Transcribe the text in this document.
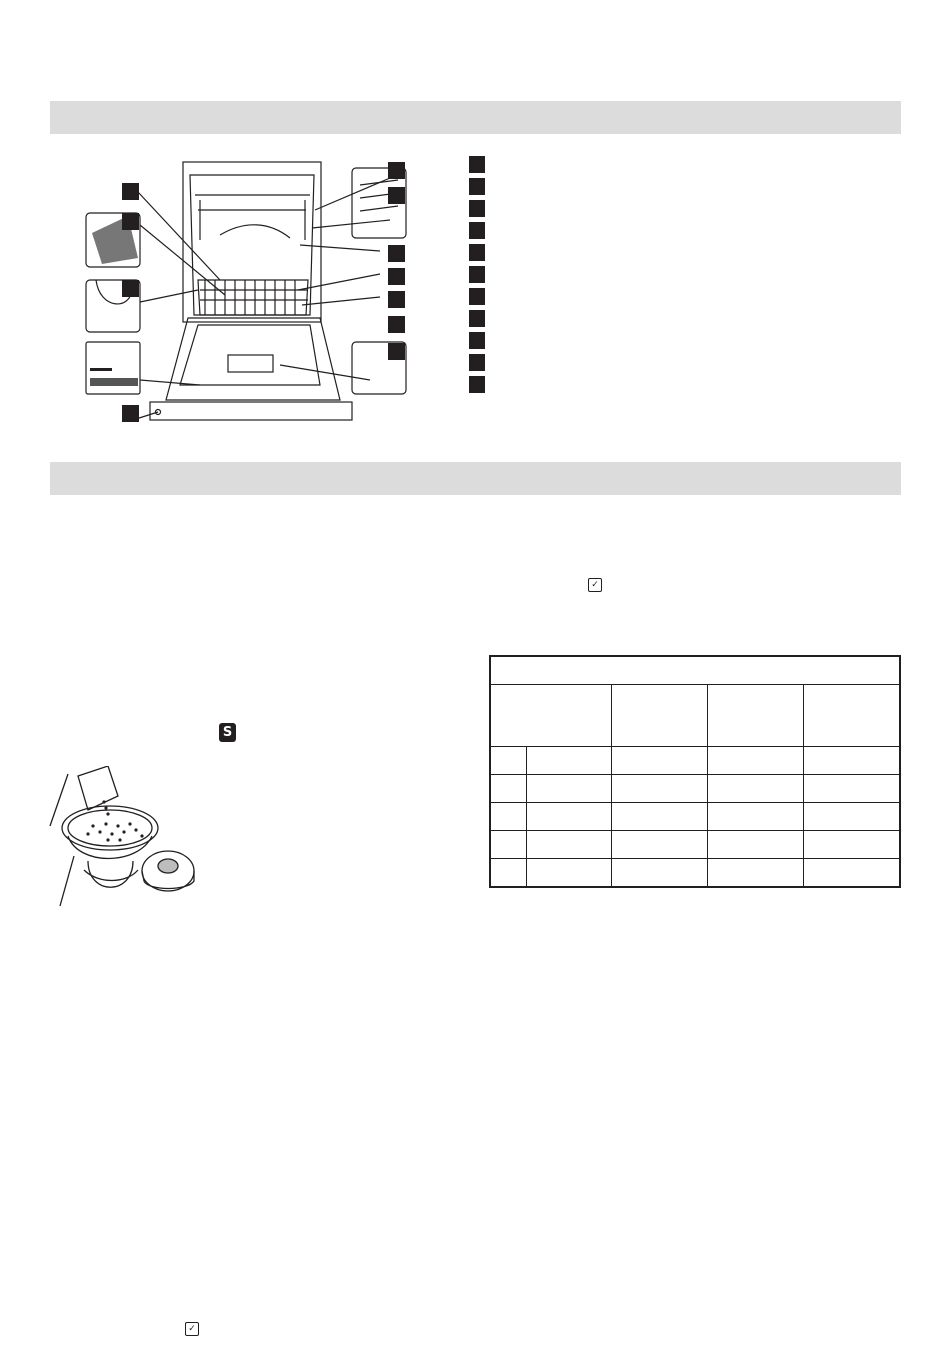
✓
S

✓
